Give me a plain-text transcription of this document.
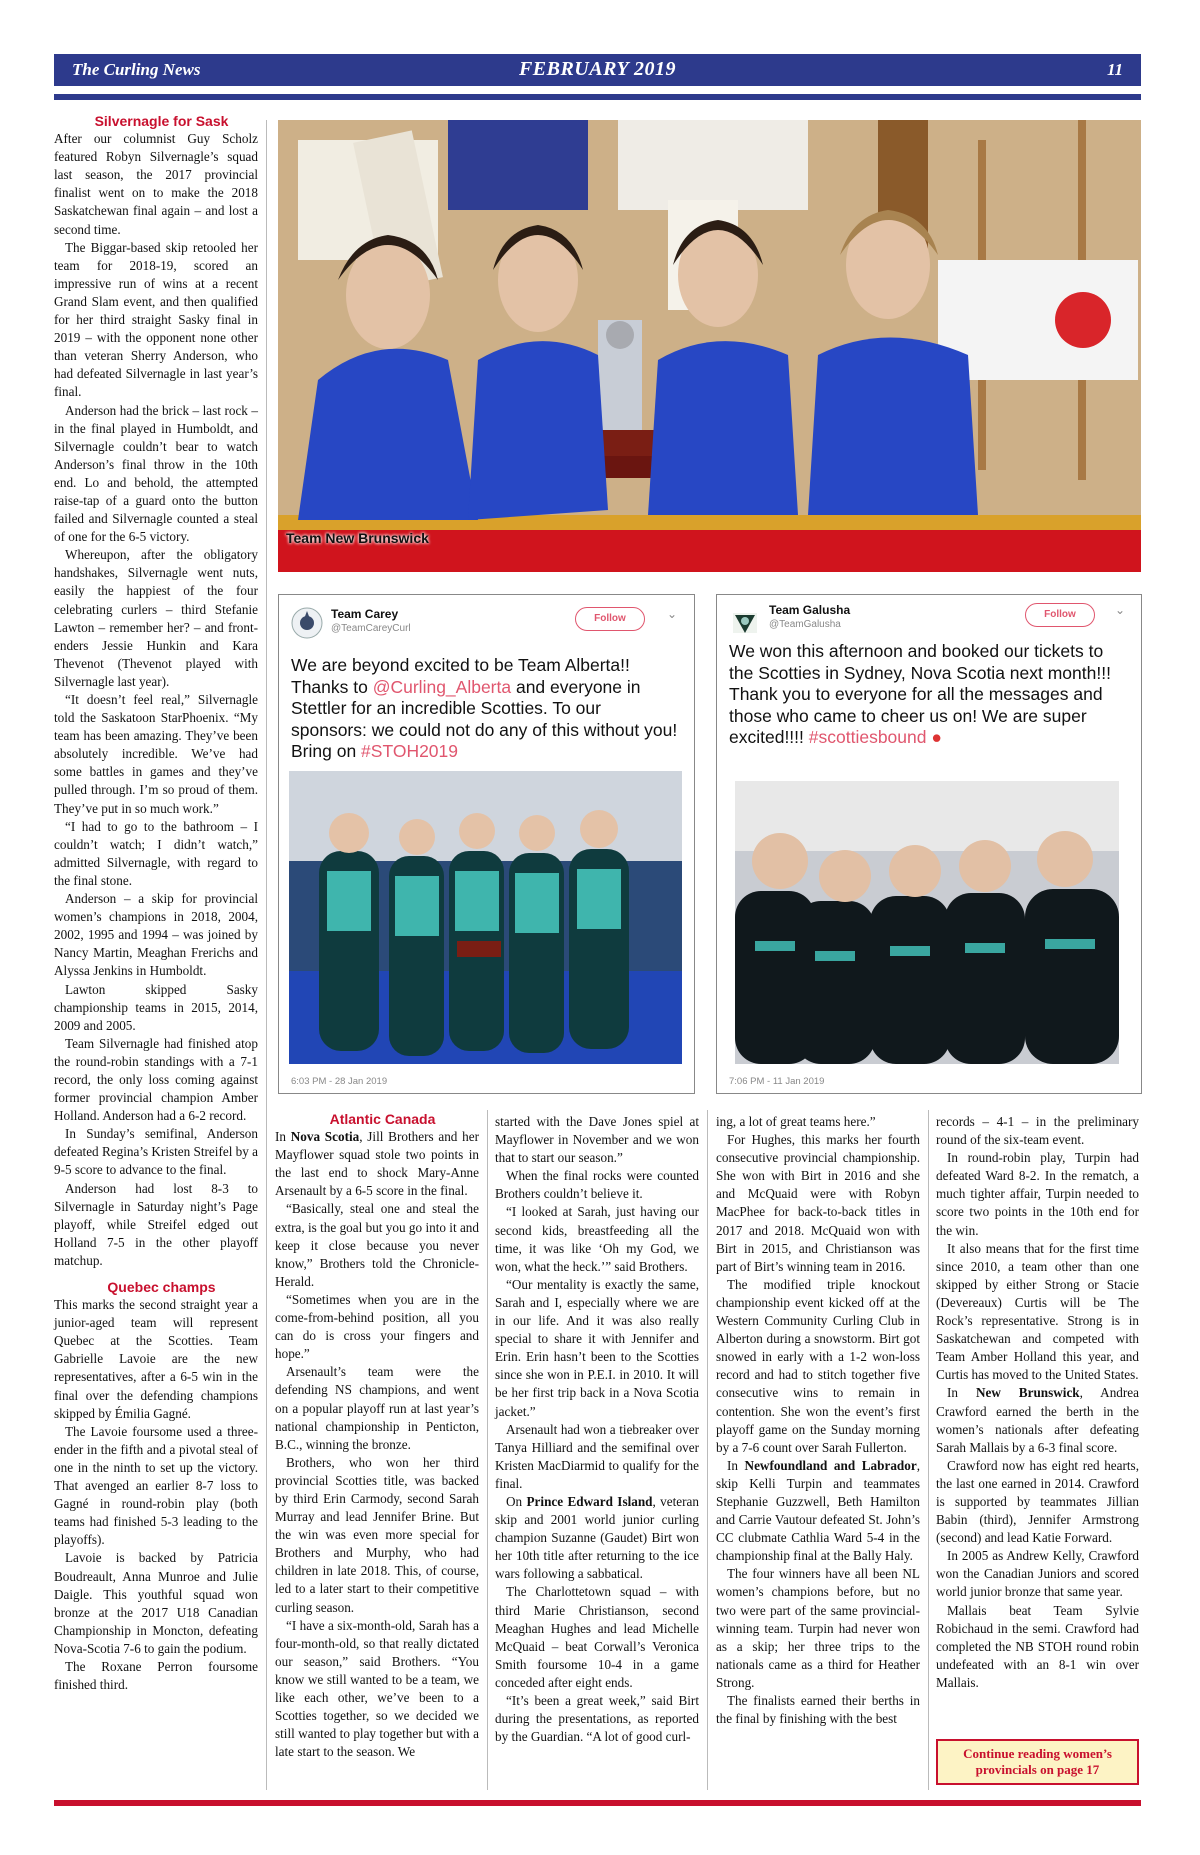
The Curling News	FEBRUARY 2019	11

Silvernagle for Sask

After our columnist Guy Scholz featured Robyn Silvernagle’s squad last season, the 2017 provincial finalist went on to make the 2018 Saskatchewan final again – and lost a second time.

The Biggar-based skip retooled her team for 2018-19, scored an impressive run of wins at a recent Grand Slam event, and then qualified for her third straight Sasky final in 2019 – with the opponent none other than veteran Sherry Anderson, who had defeated Silvernagle in last year’s final.

Anderson had the brick – last rock – in the final played in Humboldt, and Silvernagle couldn’t bear to watch Anderson’s final throw in the 10th end. Lo and behold, the attempted raise-tap of a guard onto the button failed and Silvernagle counted a steal of one for the 6-5 victory.

Whereupon, after the obligatory handshakes, Silvernagle went nuts, easily the happiest of the four celebrating curlers – third Stefanie Lawton – remember her? – and front-enders Jessie Hunkin and Kara Thevenot (Thevenot played with Silvernagle last year).

“It doesn’t feel real,” Silvernagle told the Saskatoon StarPhoenix. “My team has been amazing. They’ve been absolutely incredible. We’ve had some battles in games and they’ve pulled through. I’m so proud of them. They’ve put in so much work.”

“I had to go to the bathroom – I couldn’t watch; I didn’t watch,” admitted Silvernagle, with regard to the final stone.

Anderson – a skip for provincial women’s champions in 2018, 2004, 2002, 1995 and 1994 – was joined by Nancy Martin, Meaghan Frerichs and Alyssa Jenkins in Humboldt.

Lawton skipped Sasky championship teams in 2015, 2014, 2009 and 2005.

Team Silvernagle had finished atop the round-robin standings with a 7-1 record, the only loss coming against former provincial champion Amber Holland. Anderson had a 6-2 record.

In Sunday’s semifinal, Anderson defeated Regina’s Kristen Streifel by a 9-5 score to advance to the final.

Anderson had lost 8-3 to Silvernagle in Saturday night’s Page playoff, while Streifel edged out Holland 7-5 in the other playoff matchup.

Quebec champs

This marks the second straight year a junior-aged team will represent Quebec at the Scotties. Team Gabrielle Lavoie are the new representatives, after a 6-5 win in the final over the defending champions skipped by Émilia Gagné.

The Lavoie foursome used a three-ender in the fifth and a pivotal steal of one in the ninth to set up the victory. That avenged an earlier 8-7 loss to Gagné in round-robin play (both teams had finished 5-3 leading to the playoffs).

Lavoie is backed by Patricia Boudreault, Anna Munroe and Julie Daigle. This youthful squad won bronze at the 2017 U18 Canadian Championship in Moncton, defeating Nova-Scotia 7-6 to gain the podium.

The Roxane Perron foursome finished third.

Team New Brunswick
Team Carey
@TeamCareyCurl
Follow	⌄
We are beyond excited to be Team Alberta!! Thanks to @Curling_Alberta and everyone in Stettler for an incredible Scotties. To our sponsors: we could not do any of this without you! Bring on #STOH2019
6:03 PM - 28 Jan 2019
Team Galusha
@TeamGalusha
Follow	⌄
We won this afternoon and booked our tickets to the Scotties in Sydney, Nova Scotia next month!!!
Thank you to everyone for all the messages and those who came to cheer us on! We are super excited!!!! #scottiesbound ●
7:06 PM - 11 Jan 2019

Atlantic Canada

In Nova Scotia, Jill Brothers and her Mayflower squad stole two points in the last end to shock Mary-Anne Arsenault by a 6-5 score in the final.

“Basically, steal one and steal the extra, is the goal but you go into it and keep it close because you never know,” Brothers told the Chronicle-Herald.

“Sometimes when you are in the come-from-behind position, all you can do is cross your fingers and hope.”

Arsenault’s team were the defending NS champions, and went on a popular playoff run at last year’s national championship in Penticton, B.C., winning the bronze.

Brothers, who won her third provincial Scotties title, was backed by third Erin Carmody, second Sarah Murray and lead Jennifer Brine. But the win was even more special for Brothers and Murphy, who had children in late 2018. This, of course, led to a later start to their competitive curling season.

“I have a six-month-old, Sarah has a four-month-old, so that really dictated our season,” said Brothers. “You know we still wanted to be a team, we like each other, we’ve been to a Scotties together, so we decided we still wanted to play together but with a late start to the season. We

started with the Dave Jones spiel at Mayflower in November and we won that to start our season.”

When the final rocks were counted Brothers couldn’t believe it.

“I looked at Sarah, just having our second kids, breastfeeding all the time, it was like ‘Oh my God, we won, what the heck.’” said Brothers.

“Our mentality is exactly the same, Sarah and I, especially where we are in our life. And it was also really special to share it with Jennifer and Erin. Erin hasn’t been to the Scotties since she won in P.E.I. in 2010. It will be her first trip back in a Nova Scotia jacket.”

Arsenault had won a tiebreaker over Tanya Hilliard and the semifinal over Kristen MacDiarmid to qualify for the final.

On Prince Edward Island, veteran skip and 2001 world junior curling champion Suzanne (Gaudet) Birt won her 10th title after returning to the ice wars following a sabbatical.

The Charlottetown squad – with third Marie Christianson, second Meaghan Hughes and lead Michelle McQuaid – beat Corwall’s Veronica Smith foursome 10-4 in a game conceded after eight ends.

“It’s been a great week,” said Birt during the presentations, as reported by the Guardian. “A lot of good curl-

ing, a lot of great teams here.”

For Hughes, this marks her fourth consecutive provincial championship. She won with Birt in 2016 and she and McQuaid were with Robyn MacPhee for back-to-back titles in 2017 and 2018. McQuaid won with Birt in 2015, and Christianson was part of Birt’s winning team in 2016.

The modified triple knockout championship event kicked off at the Western Community Curling Club in Alberton during a snowstorm. Birt got snowed in early with a 1-2 won-loss record and had to stitch together five consecutive wins to remain in contention. She won the event’s first playoff game on the Sunday morning by a 7-6 count over Sarah Fullerton.

In Newfoundland and Labrador, skip Kelli Turpin and teammates Stephanie Guzzwell, Beth Hamilton and Carrie Vautour defeated St. John’s CC clubmate Cathlia Ward 5-4 in the championship final at the Bally Haly.

The four winners have all been NL women’s champions before, but no two were part of the same provincial-winning team. Turpin had never won as a skip; her three trips to the nationals came as a third for Heather Strong.

The finalists earned their berths in the final by finishing with the best

records – 4-1 – in the preliminary round of the six-team event.

In round-robin play, Turpin had defeated Ward 8-2. In the rematch, a much tighter affair, Turpin needed to score two points in the 10th end for the win.

It also means that for the first time since 2010, a team other than one skipped by either Strong or Stacie (Devereaux) Curtis will be The Rock’s representative. Strong is in Saskatchewan and competed with Team Amber Holland this year, and Curtis has moved to the United States.

In New Brunswick, Andrea Crawford earned the berth in the women’s nationals after defeating Sarah Mallais by a 6-3 final score.

Crawford now has eight red hearts, the last one earned in 2014. Crawford is supported by teammates Jillian Babin (third), Jennifer Armstrong (second) and lead Katie Forward.

In 2005 as Andrew Kelly, Crawford won the Canadian Juniors and scored world junior bronze that same year.

Mallais beat Team Sylvie Robichaud in the semi. Crawford had completed the NB STOH round robin undefeated with an 8-1 win over Mallais.

Continue reading women’s provincials on page 17
